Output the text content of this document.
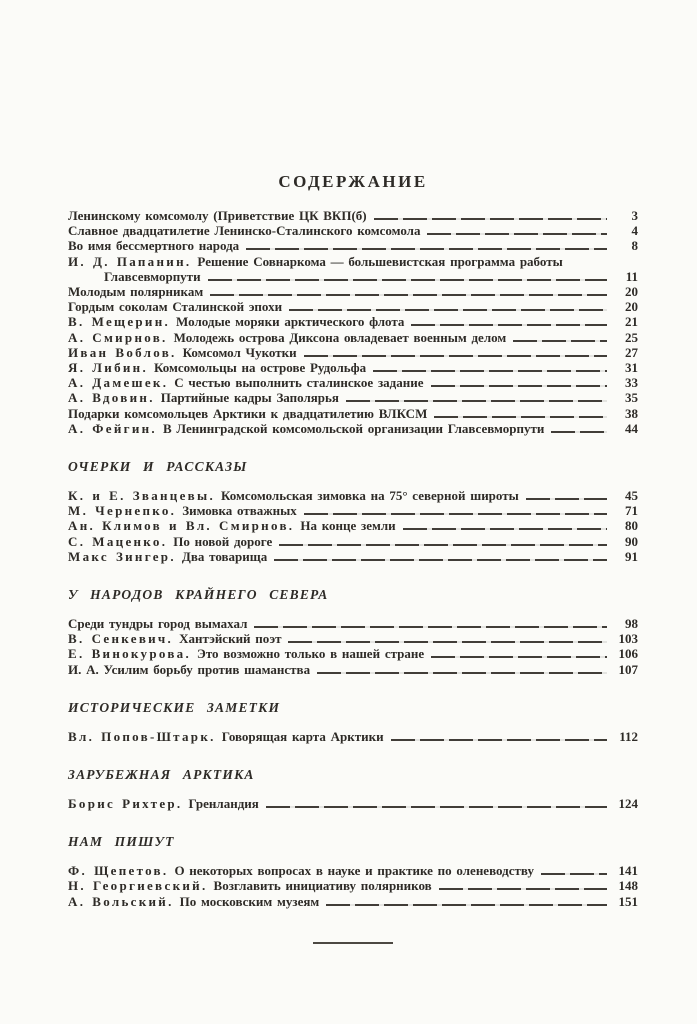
СОДЕРЖАНИЕ
Ленинскому комсомолу (Приветствие ЦК ВКП(б)	3
Славное двадцатилетие Ленинско-Сталинского комсомола	4
Во имя бессмертного народа	8
И. Д. Папанин. Решение Совнаркома — большевистская программа работы
Главсевморпути	11
Молодым полярникам	20
Гордым соколам Сталинской эпохи	20
В. Мещерин. Молодые моряки арктического флота	21
А. Смирнов. Молодежь острова Диксона овладевает военным делом	25
Иван Воблов. Комсомол Чукотки	27
Я. Либин. Комсомольцы на острове Рудольфа	31
А. Дамешек. С честью выполнить сталинское задание	33
А. Вдовин. Партийные кадры Заполярья	35
Подарки комсомольцев Арктики к двадцатилетию ВЛКСМ	38
А. Фейгин. В Ленинградской комсомольской организации Главсевморпути	44
ОЧЕРКИ И РАССКАЗЫ
К. и Е. Званцевы. Комсомольская зимовка на 75° северной широты	45
М. Чернепко. Зимовка отважных	71
Ан. Климов и Вл. Смирнов. На конце земли	80
С. Маценко. По новой дороге	90
Макс Зингер. Два товарища	91
У НАРОДОВ КРАЙНЕГО СЕВЕРА
Среди тундры город вымахал	98
В. Сенкевич. Хантэйский поэт	103
Е. Винокурова. Это возможно только в нашей стране	106
И. А. Усилим борьбу против шаманства	107
ИСТОРИЧЕСКИЕ ЗАМЕТКИ
Вл. Попов-Штарк. Говорящая карта Арктики	112
ЗАРУБЕЖНАЯ АРКТИКА
Борис Рихтер. Гренландия	124
НАМ ПИШУТ
Ф. Щепетов. О некоторых вопросах в науке и практике по оленеводству	141
Н. Георгиевский. Возглавить инициативу полярников	148
А. Вольский. По московским музеям	151
